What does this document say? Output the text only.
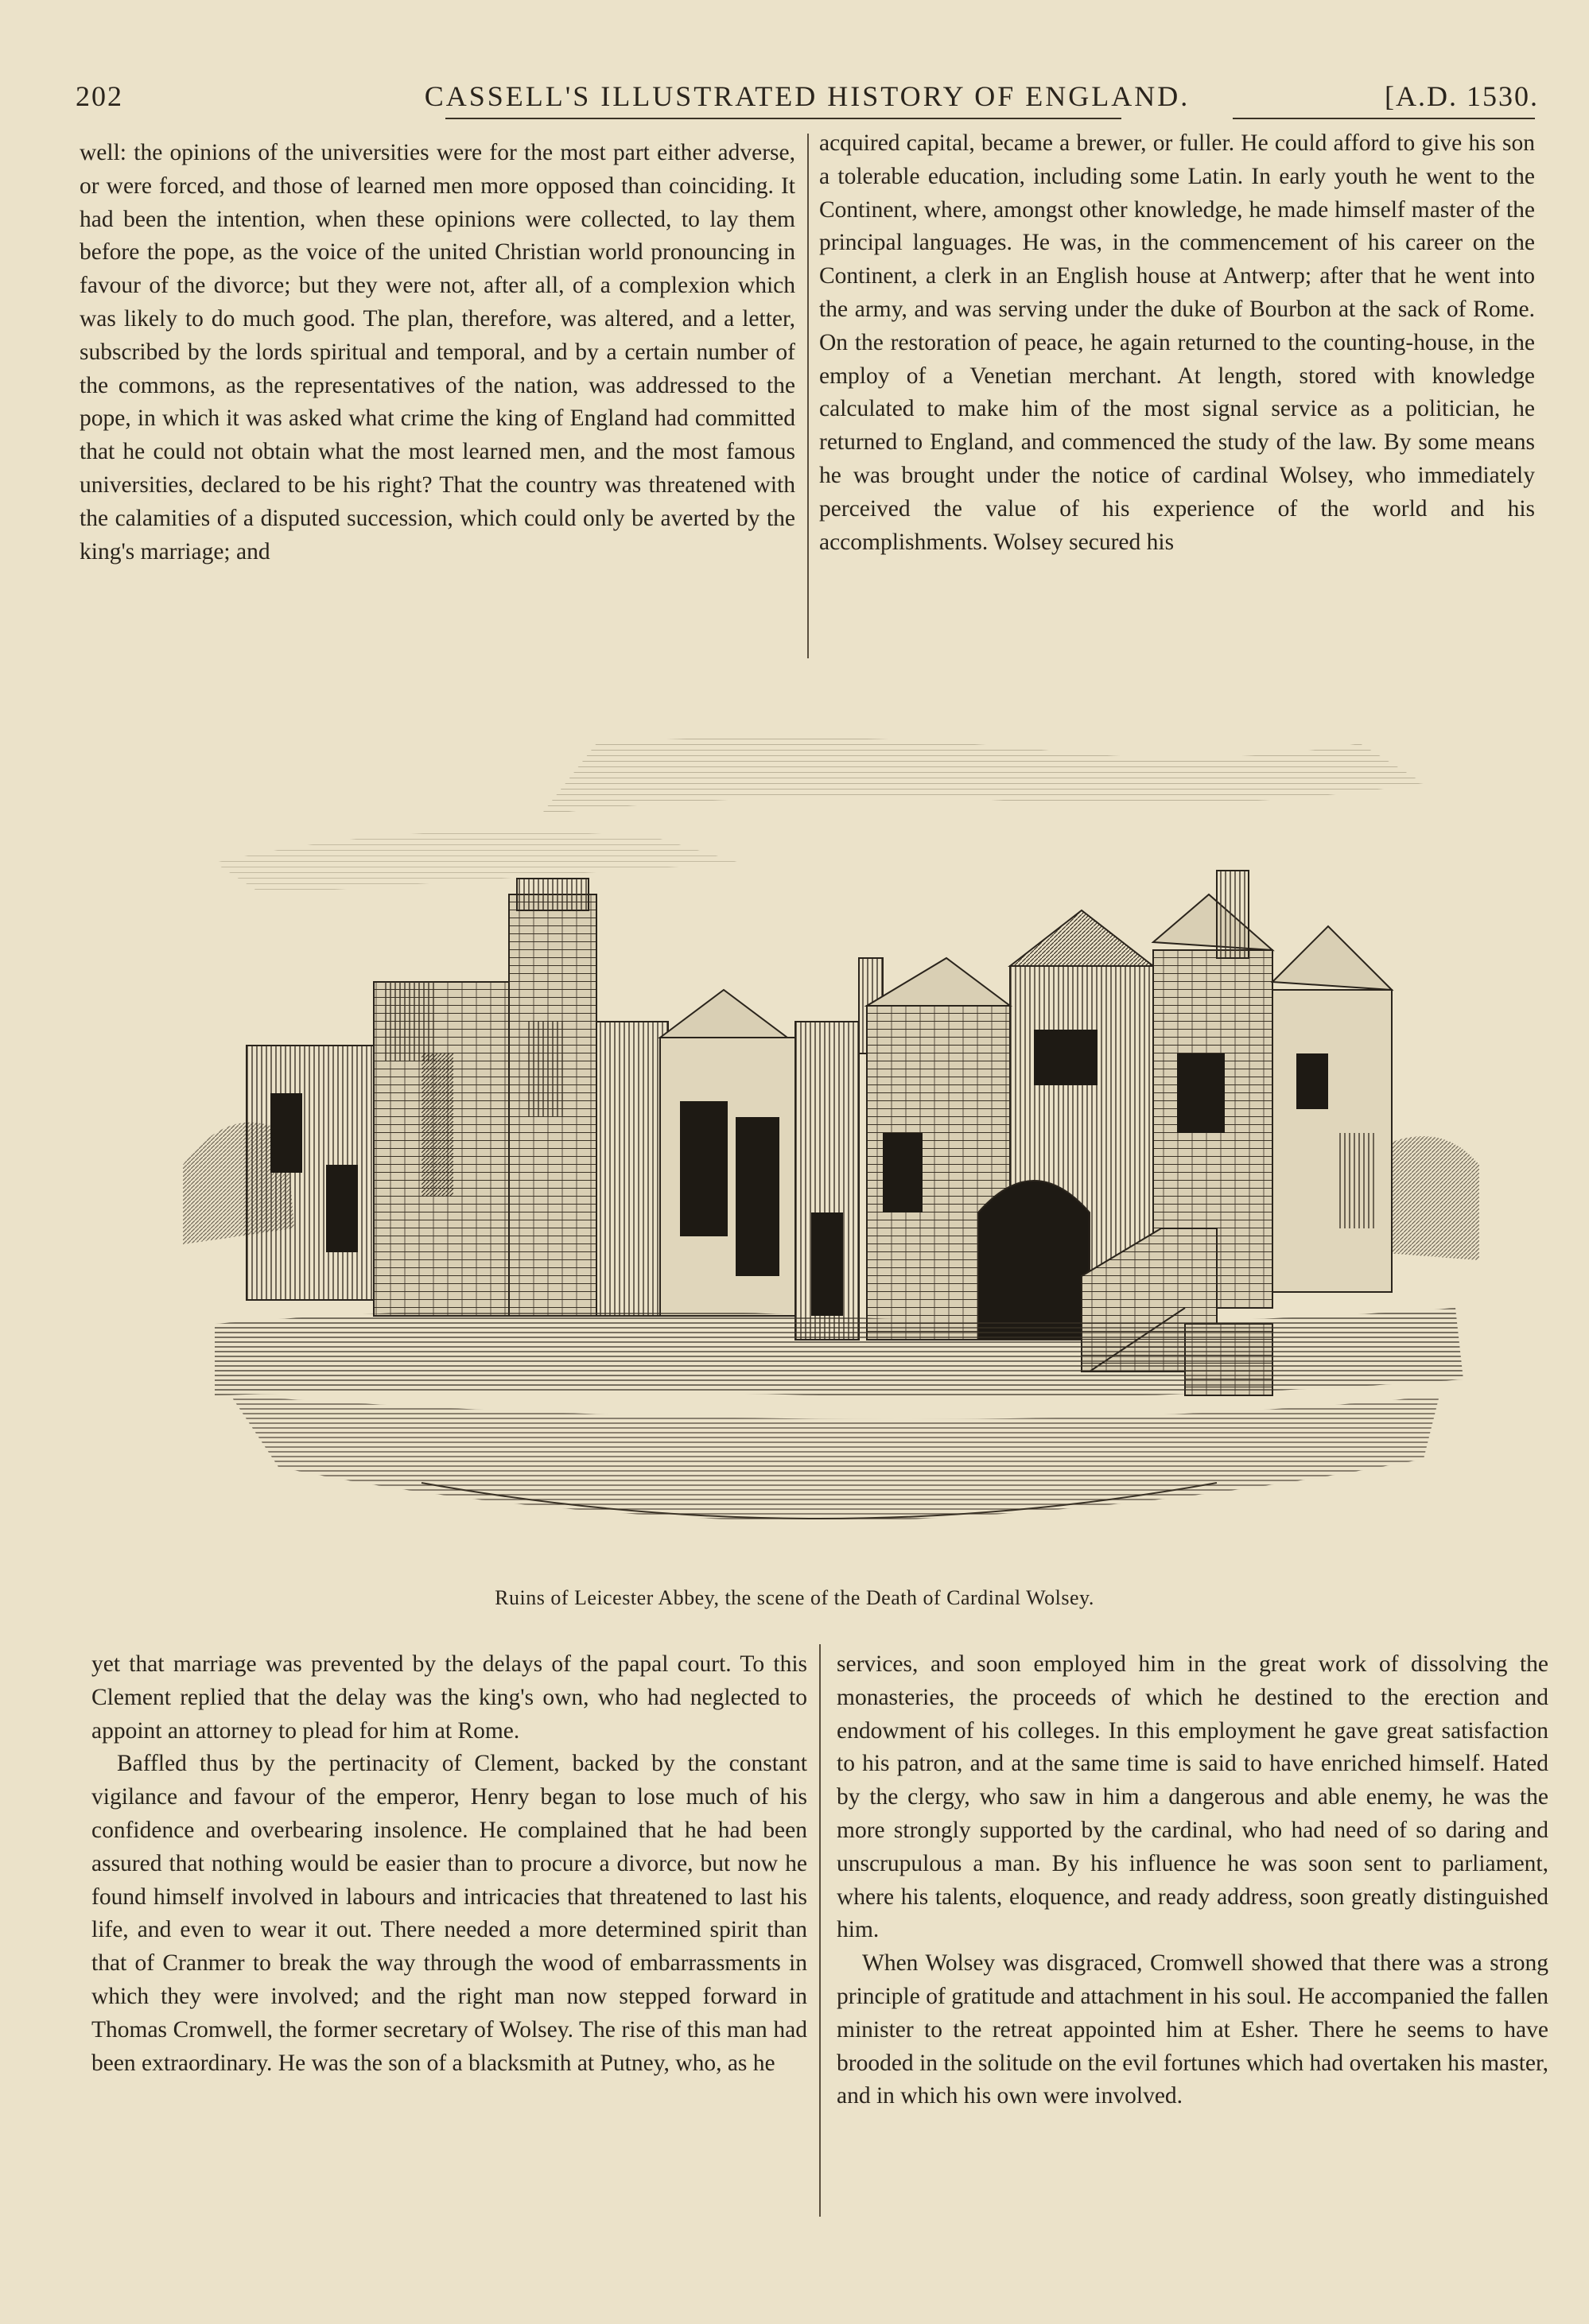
202	CASSELL'S ILLUSTRATED HISTORY OF ENGLAND.	[A.D. 1530.

well: the opinions of the universities were for the most part either adverse, or were forced, and those of learned men more opposed than coinciding. It had been the intention, when these opinions were collected, to lay them before the pope, as the voice of the united Christian world pronouncing in favour of the divorce; but they were not, after all, of a complexion which was likely to do much good. The plan, therefore, was altered, and a letter, subscribed by the lords spiritual and temporal, and by a certain number of the commons, as the representatives of the nation, was addressed to the pope, in which it was asked what crime the king of England had committed that he could not obtain what the most learned men, and the most famous universities, declared to be his right? That the country was threatened with the calamities of a disputed succession, which could only be averted by the king's marriage; and

acquired capital, became a brewer, or fuller. He could afford to give his son a tolerable education, including some Latin. In early youth he went to the Continent, where, amongst other knowledge, he made himself master of the principal languages. He was, in the commencement of his career on the Continent, a clerk in an English house at Antwerp; after that he went into the army, and was serving under the duke of Bourbon at the sack of Rome. On the restoration of peace, he again returned to the counting-house, in the employ of a Venetian merchant. At length, stored with knowledge calculated to make him of the most signal service as a politician, he returned to England, and commenced the study of the law. By some means he was brought under the notice of cardinal Wolsey, who immediately perceived the value of his experience of the world and his accomplishments. Wolsey secured his

Ruins of Leicester Abbey, the scene of the Death of Cardinal Wolsey.

yet that marriage was prevented by the delays of the papal court. To this Clement replied that the delay was the king's own, who had neglected to appoint an attorney to plead for him at Rome.

Baffled thus by the pertinacity of Clement, backed by the constant vigilance and favour of the emperor, Henry began to lose much of his confidence and overbearing insolence. He complained that he had been assured that nothing would be easier than to procure a divorce, but now he found himself involved in labours and intricacies that threatened to last his life, and even to wear it out. There needed a more determined spirit than that of Cranmer to break the way through the wood of embarrassments in which they were involved; and the right man now stepped forward in Thomas Cromwell, the former secretary of Wolsey. The rise of this man had been extraordinary. He was the son of a blacksmith at Putney, who, as he

services, and soon employed him in the great work of dissolving the monasteries, the proceeds of which he destined to the erection and endowment of his colleges. In this employment he gave great satisfaction to his patron, and at the same time is said to have enriched himself. Hated by the clergy, who saw in him a dangerous and able enemy, he was the more strongly supported by the cardinal, who had need of so daring and unscrupulous a man. By his influence he was soon sent to parliament, where his talents, eloquence, and ready address, soon greatly distinguished him.

When Wolsey was disgraced, Cromwell showed that there was a strong principle of gratitude and attachment in his soul. He accompanied the fallen minister to the retreat appointed him at Esher. There he seems to have brooded in the solitude on the evil fortunes which had overtaken his master, and in which his own were involved.
